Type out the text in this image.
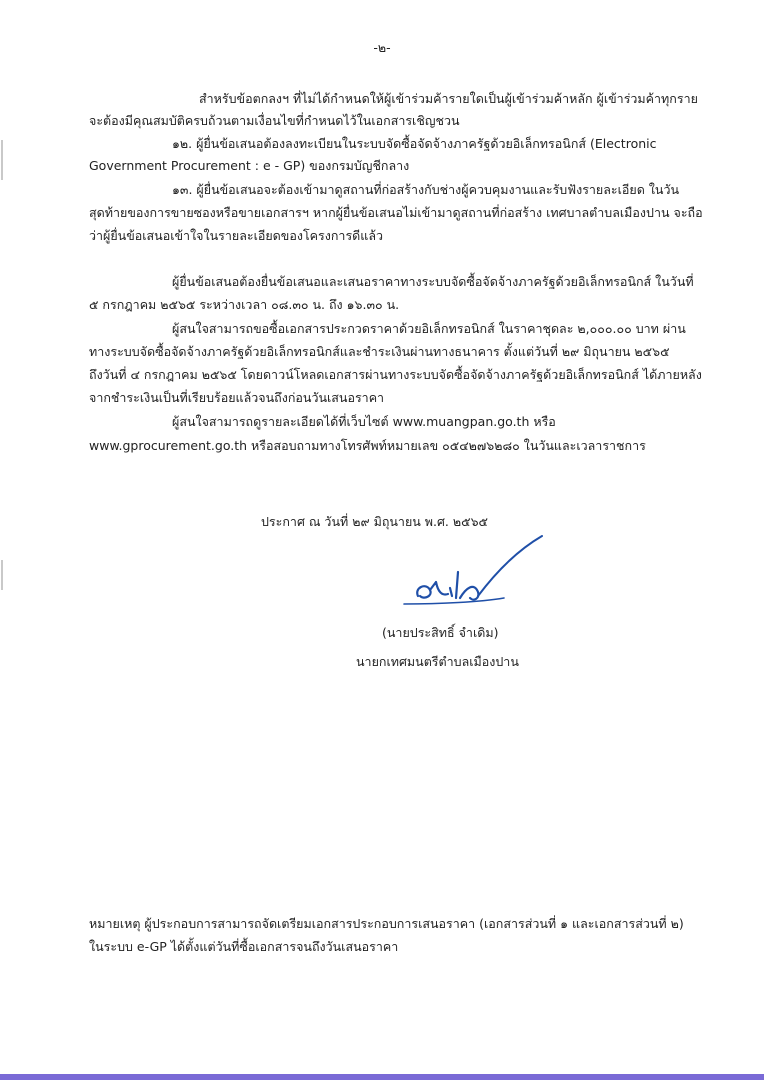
-๒-
สำหรับข้อตกลงฯ ที่ไม่ได้กำหนดให้ผู้เข้าร่วมค้ารายใดเป็นผู้เข้าร่วมค้าหลัก ผู้เข้าร่วมค้าทุกราย
จะต้องมีคุณสมบัติครบถ้วนตามเงื่อนไขที่กำหนดไว้ในเอกสารเชิญชวน
๑๒. ผู้ยื่นข้อเสนอต้องลงทะเบียนในระบบจัดซื้อจัดจ้างภาครัฐด้วยอิเล็กทรอนิกส์ (Electronic
Government Procurement : e - GP) ของกรมบัญชีกลาง
๑๓. ผู้ยื่นข้อเสนอจะต้องเข้ามาดูสถานที่ก่อสร้างกับช่างผู้ควบคุมงานและรับฟังรายละเอียด ในวัน
สุดท้ายของการขายซองหรือขายเอกสารฯ หากผู้ยื่นข้อเสนอไม่เข้ามาดูสถานที่ก่อสร้าง เทศบาลตำบลเมืองปาน จะถือ
ว่าผู้ยื่นข้อเสนอเข้าใจในรายละเอียดของโครงการดีแล้ว
ผู้ยื่นข้อเสนอต้องยื่นข้อเสนอและเสนอราคาทางระบบจัดซื้อจัดจ้างภาครัฐด้วยอิเล็กทรอนิกส์ ในวันที่
๕ กรกฎาคม ๒๕๖๕ ระหว่างเวลา ๐๘.๓๐ น. ถึง ๑๖.๓๐ น.
ผู้สนใจสามารถขอซื้อเอกสารประกวดราคาด้วยอิเล็กทรอนิกส์ ในราคาชุดละ ๒,๐๐๐.๐๐ บาท ผ่าน
ทางระบบจัดซื้อจัดจ้างภาครัฐด้วยอิเล็กทรอนิกส์และชำระเงินผ่านทางธนาคาร ตั้งแต่วันที่ ๒๙ มิถุนายน ๒๕๖๕
ถึงวันที่ ๔ กรกฎาคม ๒๕๖๕ โดยดาวน์โหลดเอกสารผ่านทางระบบจัดซื้อจัดจ้างภาครัฐด้วยอิเล็กทรอนิกส์ ได้ภายหลัง
จากชำระเงินเป็นที่เรียบร้อยแล้วจนถึงก่อนวันเสนอราคา
ผู้สนใจสามารถดูรายละเอียดได้ที่เว็บไซต์ www.muangpan.go.th หรือ
www.gprocurement.go.th หรือสอบถามทางโทรศัพท์หมายเลข ๐๕๔๒๗๖๒๘๐ ในวันและเวลาราชการ
ประกาศ ณ วันที่ ๒๙ มิถุนายน พ.ศ. ๒๕๖๕
(นายประสิทธิ์ จำเดิม)
นายกเทศมนตรีตำบลเมืองปาน
หมายเหตุ ผู้ประกอบการสามารถจัดเตรียมเอกสารประกอบการเสนอราคา (เอกสารส่วนที่ ๑ และเอกสารส่วนที่ ๒)
ในระบบ e-GP ได้ตั้งแต่วันที่ซื้อเอกสารจนถึงวันเสนอราคา
